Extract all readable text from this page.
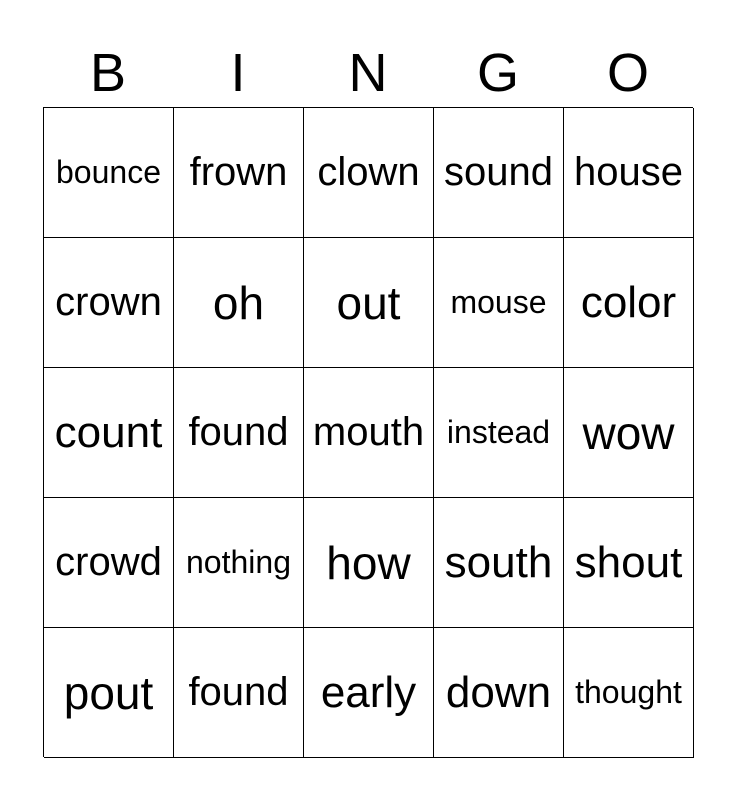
B	I	N	G	O
bounce frown clown sound house
crown oh out mouse color
count found mouth instead wow
crowd nothing how south shout
pout found early down thought
